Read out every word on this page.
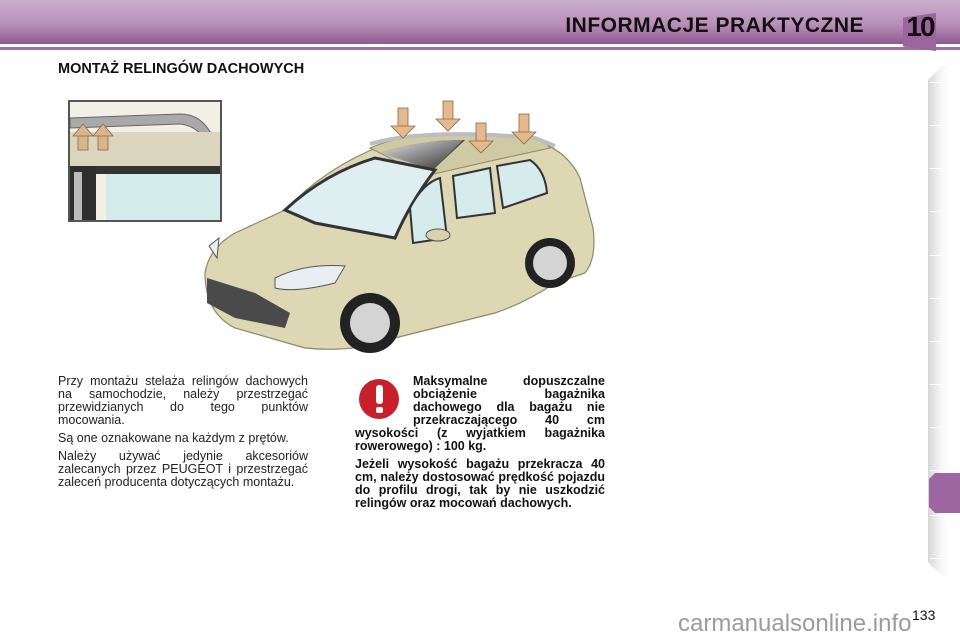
INFORMACJE PRAKTYCZNE 10
MONTAŻ RELINGÓW DACHOWYCH

Przy montażu stelaża relingów dachowych na samochodzie, należy przestrzegać przewidzianych do tego punktów mocowania.

Są one oznakowane na każdym z prętów.

Należy używać jedynie akcesoriów zalecanych przez PEUGEOT i przestrzegać zaleceń producenta dotyczących montażu.

Maksymalne dopuszczalne obciążenie bagażnika dachowego dla bagażu nie przekraczającego 40 cm wysokości (z wyjatkiem bagażnika rowerowego) : 100 kg.

Jeżeli wysokość bagażu przekracza 40 cm, należy dostosować prędkość pojazdu do profilu drogi, tak by nie uszkodzić relingów oraz mocowań dachowych.

carmanualsonline.info 133
